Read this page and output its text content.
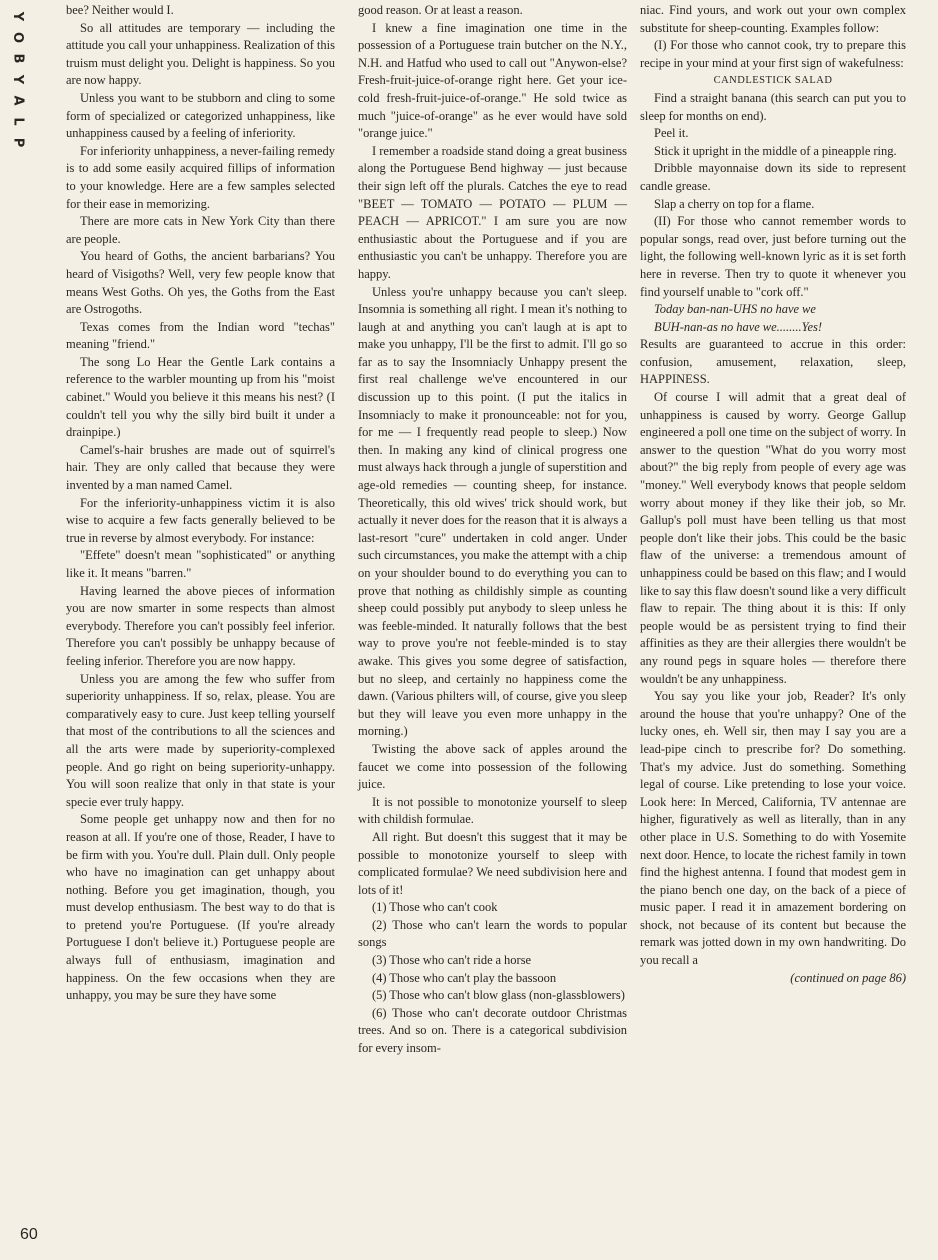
Y
O
B
Y
A
L
P
60

bee? Neither would I.

So all attitudes are temporary — including the attitude you call your unhappiness. Realization of this truism must delight you. Delight is happiness. So you are now happy.

Unless you want to be stubborn and cling to some form of specialized or categorized unhappiness, like unhappiness caused by a feeling of inferiority.

For inferiority unhappiness, a never-failing remedy is to add some easily acquired fillips of information to your knowledge. Here are a few samples selected for their ease in memorizing.

There are more cats in New York City than there are people.

You heard of Goths, the ancient barbarians? You heard of Visigoths? Well, very few people know that means West Goths. Oh yes, the Goths from the East are Ostrogoths.

Texas comes from the Indian word "techas" meaning "friend."

The song Lo Hear the Gentle Lark contains a reference to the warbler mounting up from his "moist cabinet." Would you believe it this means his nest? (I couldn't tell you why the silly bird built it under a drainpipe.)

Camel's-hair brushes are made out of squirrel's hair. They are only called that because they were invented by a man named Camel.

For the inferiority-unhappiness victim it is also wise to acquire a few facts generally believed to be true in reverse by almost everybody. For instance:

"Effete" doesn't mean "sophisticated" or anything like it. It means "barren."

Having learned the above pieces of information you are now smarter in some respects than almost everybody. Therefore you can't possibly feel inferior. Therefore you can't possibly be unhappy because of feeling inferior. Therefore you are now happy.

Unless you are among the few who suffer from superiority unhappiness. If so, relax, please. You are comparatively easy to cure. Just keep telling yourself that most of the contributions to all the sciences and all the arts were made by superiority-complexed people. And go right on being superiority-unhappy. You will soon realize that only in that state is your specie ever truly happy.

Some people get unhappy now and then for no reason at all. If you're one of those, Reader, I have to be firm with you. You're dull. Plain dull. Only people who have no imagination can get unhappy about nothing. Before you get imagination, though, you must develop enthusiasm. The best way to do that is to pretend you're Portuguese. (If you're already Portuguese I don't believe it.) Portuguese people are always full of enthusiasm, imagination and happiness. On the few occasions when they are unhappy, you may be sure they have some

good reason. Or at least a reason.

I knew a fine imagination one time in the possession of a Portuguese train butcher on the N.Y., N.H. and Hatfud who used to call out "Anywon-else? Fresh-fruit-juice-of-orange right here. Get your ice-cold fresh-fruit-juice-of-orange." He sold twice as much "juice-of-orange" as he ever would have sold "orange juice."

I remember a roadside stand doing a great business along the Portuguese Bend highway — just because their sign left off the plurals. Catches the eye to read "BEET — TOMATO — POTATO — PLUM — PEACH — APRICOT." I am sure you are now enthusiastic about the Portuguese and if you are enthusiastic you can't be unhappy. Therefore you are happy.

Unless you're unhappy because you can't sleep. Insomnia is something all right. I mean it's nothing to laugh at and anything you can't laugh at is apt to make you unhappy, I'll be the first to admit. I'll go so far as to say the Insomniacly Unhappy present the first real challenge we've encountered in our discussion up to this point. (I put the italics in Insomniacly to make it pronounceable: not for you, for me — I frequently read people to sleep.) Now then. In making any kind of clinical progress one must always hack through a jungle of superstition and age-old remedies — counting sheep, for instance. Theoretically, this old wives' trick should work, but actually it never does for the reason that it is always a last-resort "cure" undertaken in cold anger. Under such circumstances, you make the attempt with a chip on your shoulder bound to do everything you can to prove that nothing as childishly simple as counting sheep could possibly put anybody to sleep unless he was feeble-minded. It naturally follows that the best way to prove you're not feeble-minded is to stay awake. This gives you some degree of satisfaction, but no sleep, and certainly no happiness come the dawn. (Various philters will, of course, give you sleep but they will leave you even more unhappy in the morning.)

Twisting the above sack of apples around the faucet we come into possession of the following juice.

It is not possible to monotonize yourself to sleep with childish formulae.

All right. But doesn't this suggest that it may be possible to monotonize yourself to sleep with complicated formulae? We need subdivision here and lots of it!

(1) Those who can't cook

(2) Those who can't learn the words to popular songs

(3) Those who can't ride a horse

(4) Those who can't play the bassoon

(5) Those who can't blow glass (non-glassblowers)

(6) Those who can't decorate outdoor Christmas trees. And so on. There is a categorical subdivision for every insom-

niac. Find yours, and work out your own complex substitute for sheep-counting. Examples follow:

(I) For those who cannot cook, try to prepare this recipe in your mind at your first sign of wakefulness:

CANDLESTICK SALAD

Find a straight banana (this search can put you to sleep for months on end).

Peel it.

Stick it upright in the middle of a pineapple ring.

Dribble mayonnaise down its side to represent candle grease.

Slap a cherry on top for a flame.

(II) For those who cannot remember words to popular songs, read over, just before turning out the light, the following well-known lyric as it is set forth here in reverse. Then try to quote it whenever you find yourself unable to "cork off."

Today ban-nan-UHS no have we

BUH-nan-as no have we........Yes!

Results are guaranteed to accrue in this order: confusion, amusement, relaxation, sleep, HAPPINESS.

Of course I will admit that a great deal of unhappiness is caused by worry. George Gallup engineered a poll one time on the subject of worry. In answer to the question "What do you worry most about?" the big reply from people of every age was "money." Well everybody knows that people seldom worry about money if they like their job, so Mr. Gallup's poll must have been telling us that most people don't like their jobs. This could be the basic flaw of the universe: a tremendous amount of unhappiness could be based on this flaw; and I would like to say this flaw doesn't sound like a very difficult flaw to repair. The thing about it is this: If only people would be as persistent trying to find their affinities as they are their allergies there wouldn't be any round pegs in square holes — therefore there wouldn't be any unhappiness.

You say you like your job, Reader? It's only around the house that you're unhappy? One of the lucky ones, eh. Well sir, then may I say you are a lead-pipe cinch to prescribe for? Do something. That's my advice. Just do something. Something legal of course. Like pretending to lose your voice. Look here: In Merced, California, TV antennae are higher, figuratively as well as literally, than in any other place in U.S. Something to do with Yosemite next door. Hence, to locate the richest family in town find the highest antenna. I found that modest gem in the piano bench one day, on the back of a piece of music paper. I read it in amazement bordering on shock, not because of its content but because the remark was jotted down in my own handwriting. Do you recall a

(continued on page 86)
